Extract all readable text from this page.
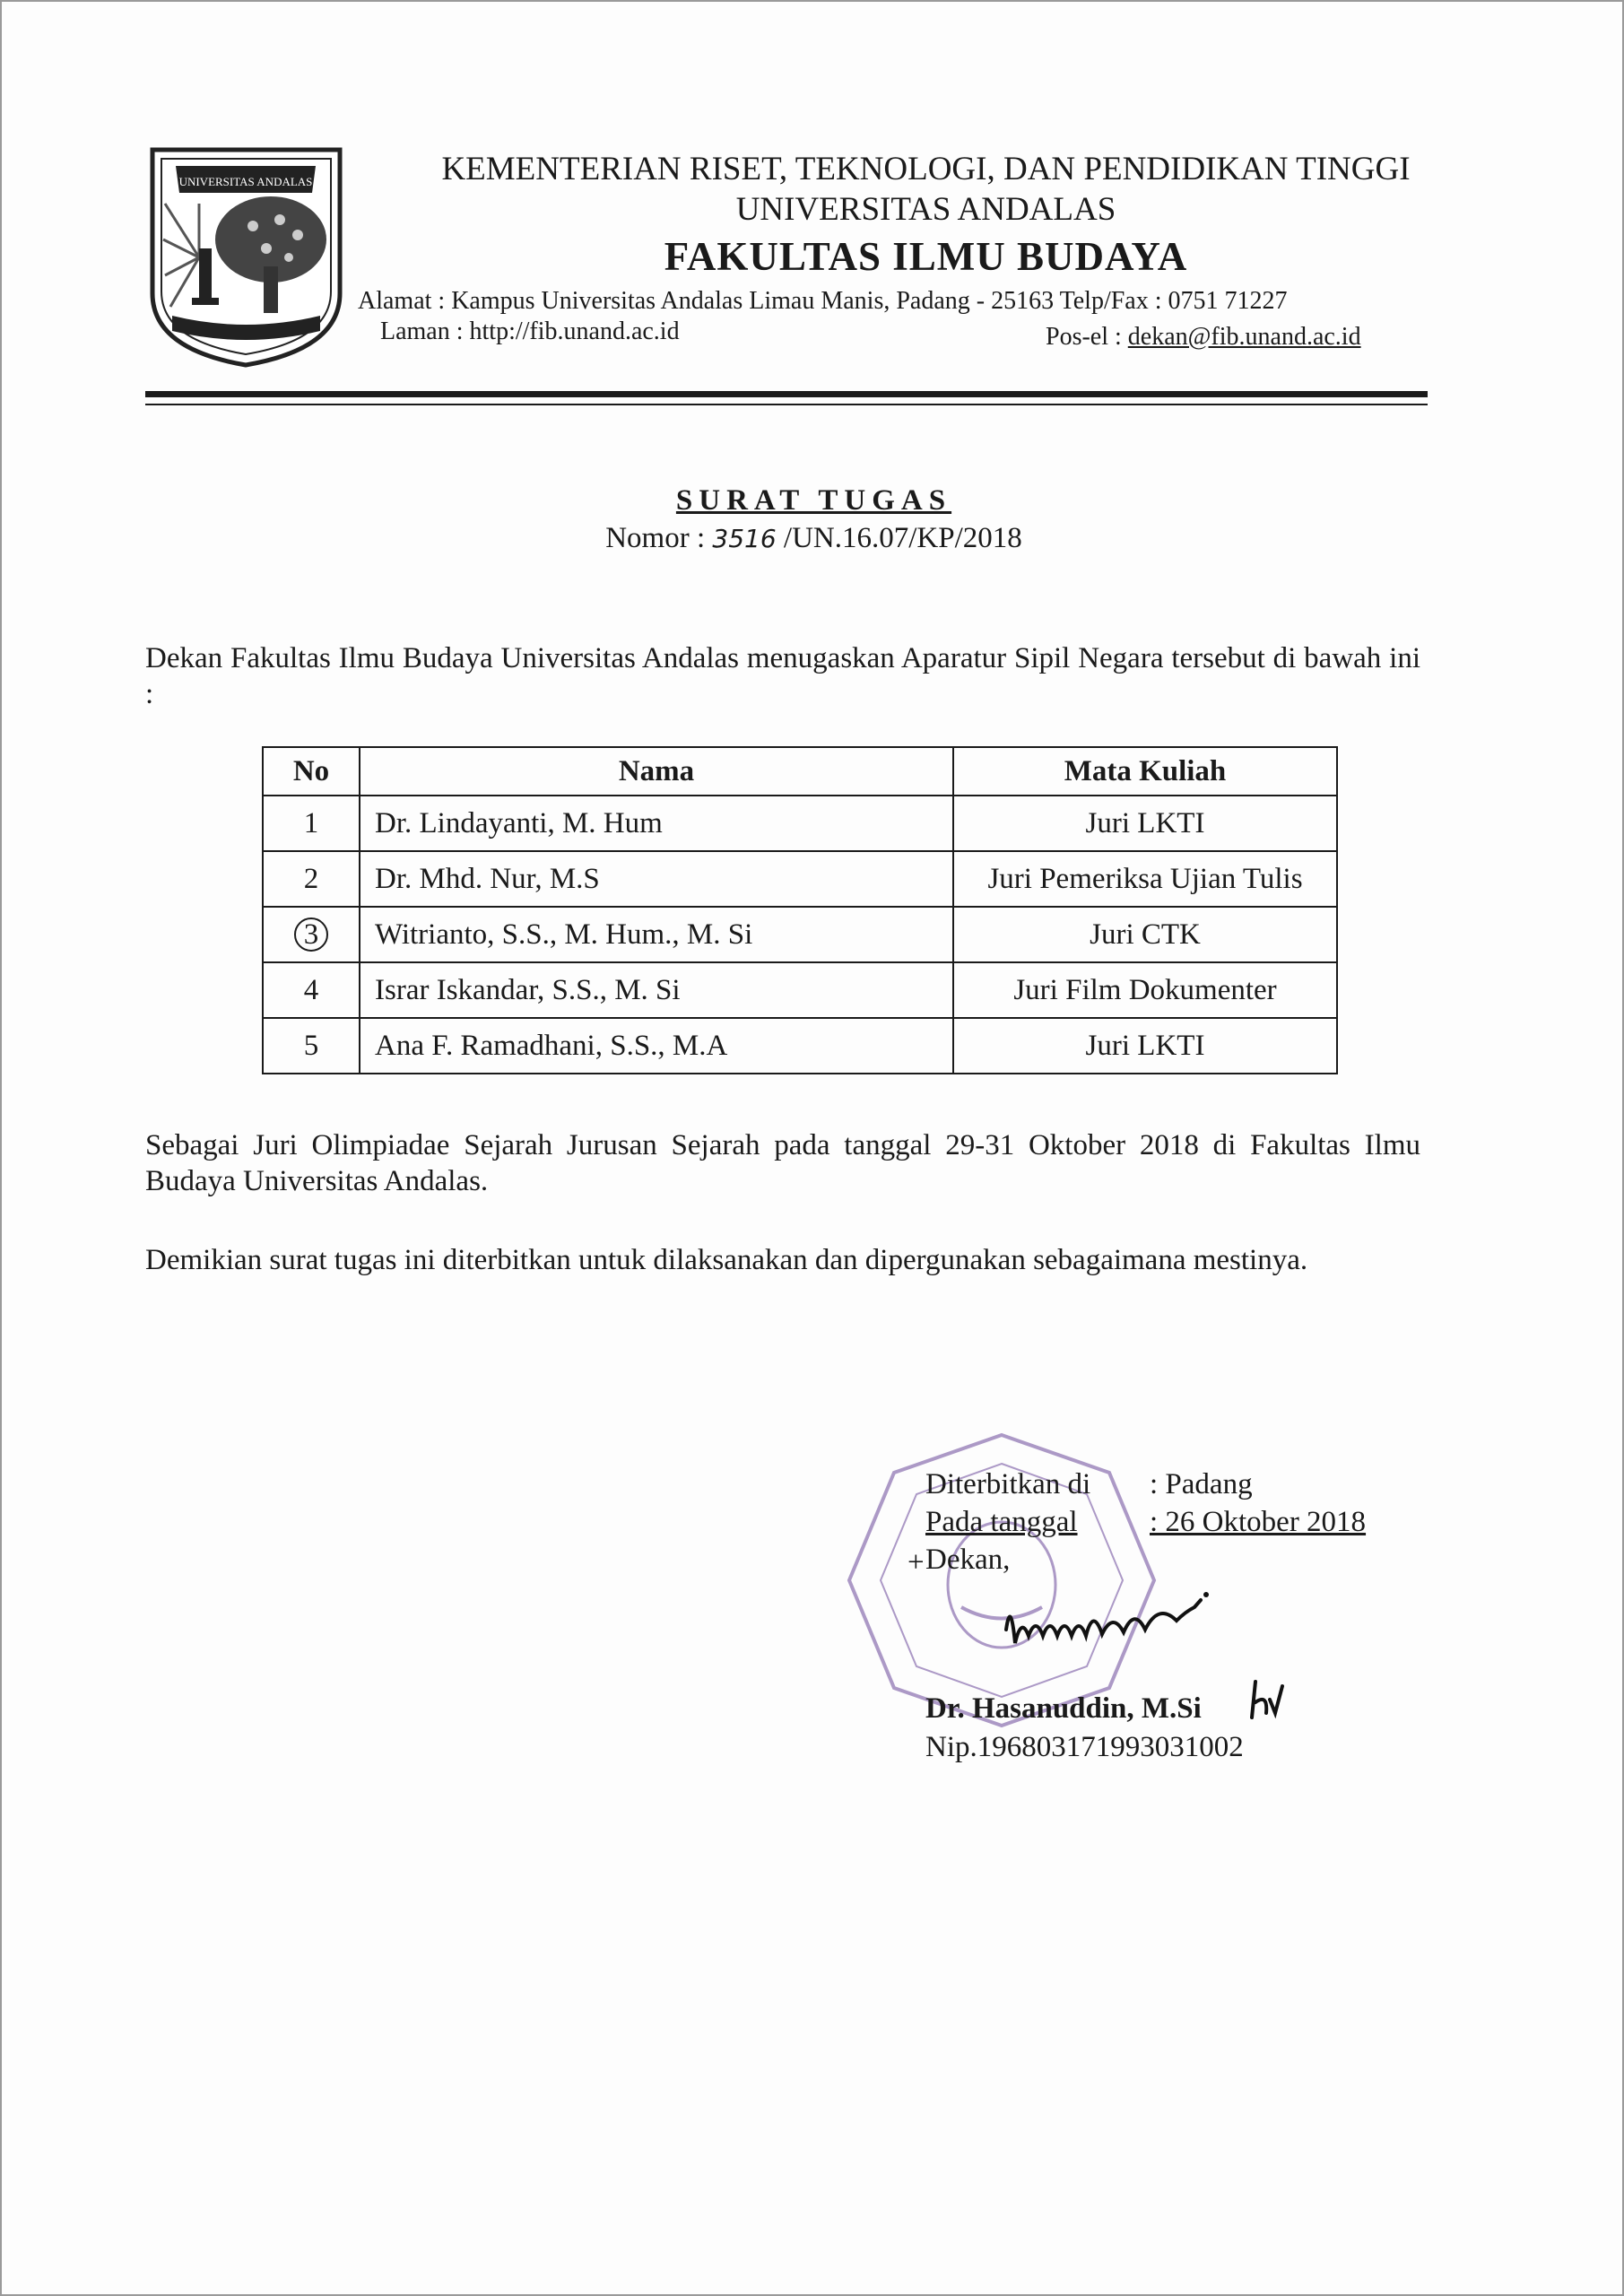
UNIVERSITAS ANDALAS	KEMENTERIAN RISET, TEKNOLOGI, DAN PENDIDIKAN TINGGI
UNIVERSITAS ANDALAS
FAKULTAS ILMU BUDAYA
Alamat : Kampus Universitas Andalas Limau Manis, Padang - 25163 Telp/Fax : 0751 71227
Laman : http://fib.unand.ac.id	Pos-el : dekan@fib.unand.ac.id
SURAT TUGAS
Nomor : 3516 /UN.16.07/KP/2018
Dekan Fakultas Ilmu Budaya Universitas Andalas menugaskan Aparatur Sipil Negara tersebut di bawah ini :
No	Nama	Mata Kuliah
1	Dr. Lindayanti, M. Hum	Juri LKTI
2	Dr. Mhd. Nur, M.S	Juri Pemeriksa Ujian Tulis
3	Witrianto, S.S., M. Hum., M. Si	Juri CTK
4	Israr Iskandar, S.S., M. Si	Juri Film Dokumenter
5	Ana F. Ramadhani, S.S., M.A	Juri LKTI
Sebagai Juri Olimpiadae Sejarah Jurusan Sejarah pada tanggal 29-31 Oktober 2018 di Fakultas Ilmu Budaya Universitas Andalas.
Demikian surat tugas ini diterbitkan untuk dilaksanakan dan dipergunakan sebagaimana mestinya.
Diterbitkan di : Padang
Pada tanggal : 26 Oktober 2018
Dekan,
+
Dr. Hasanuddin, M.Si
Nip.196803171993031002
